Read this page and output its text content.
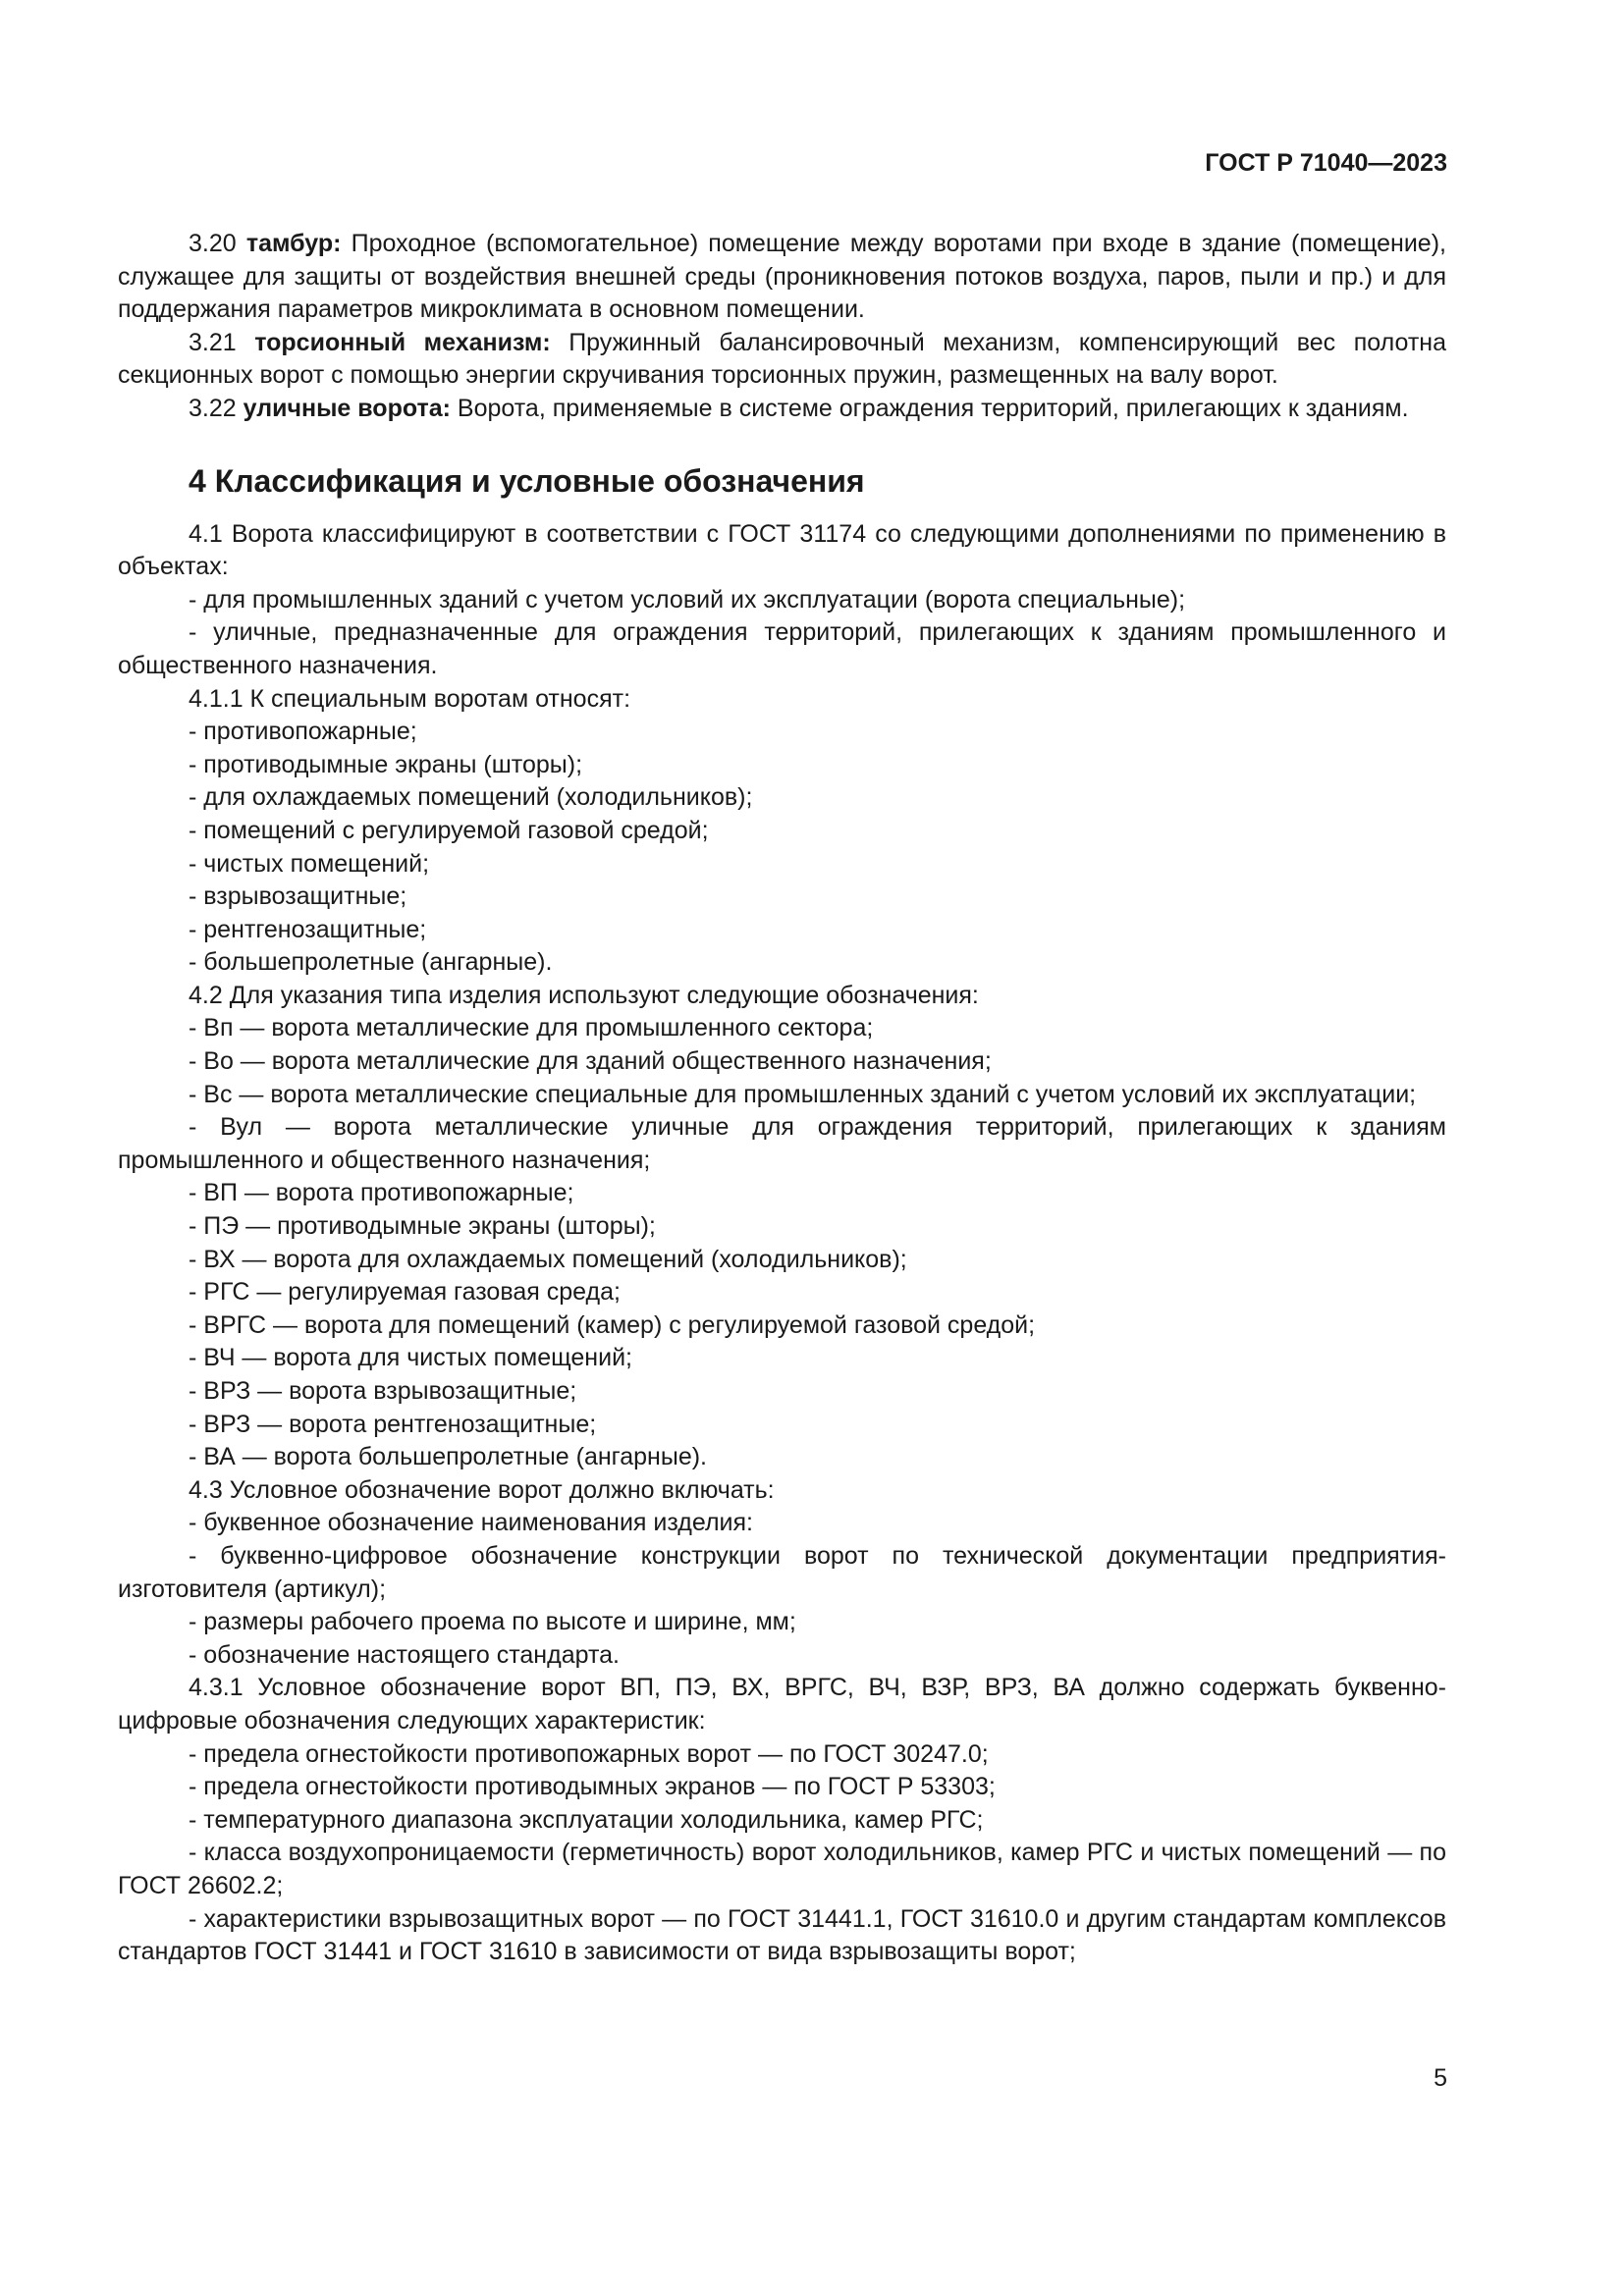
ГОСТ Р 71040—2023

3.20 тамбур: Проходное (вспомогательное) помещение между воротами при входе в здание (помещение), служащее для защиты от воздействия внешней среды (проникновения потоков воздуха, паров, пыли и пр.) и для поддержания параметров микроклимата в основном помещении.

3.21 торсионный механизм: Пружинный балансировочный механизм, компенсирующий вес полотна секционных ворот с помощью энергии скручивания торсионных пружин, размещенных на валу ворот.

3.22 уличные ворота: Ворота, применяемые в системе ограждения территорий, прилегающих к зданиям.

4 Классификация и условные обозначения

4.1 Ворота классифицируют в соответствии с ГОСТ 31174 со следующими дополнениями по применению в объектах:

- для промышленных зданий с учетом условий их эксплуатации (ворота специальные);

- уличные, предназначенные для ограждения территорий, прилегающих к зданиям промышленного и общественного назначения.

4.1.1 К специальным воротам относят:

- противопожарные;

- противодымные экраны (шторы);

- для охлаждаемых помещений (холодильников);

- помещений с регулируемой газовой средой;

- чистых помещений;

- взрывозащитные;

- рентгенозащитные;

- большепролетные (ангарные).

4.2 Для указания типа изделия используют следующие обозначения:

- Вп — ворота металлические для промышленного сектора;

- Во — ворота металлические для зданий общественного назначения;

- Вс — ворота металлические специальные для промышленных зданий с учетом условий их эксплуатации;

- Вул — ворота металлические уличные для ограждения территорий, прилегающих к зданиям промышленного и общественного назначения;

- ВП — ворота противопожарные;

- ПЭ — противодымные экраны (шторы);

- ВХ — ворота для охлаждаемых помещений (холодильников);

- РГС — регулируемая газовая среда;

- ВРГС — ворота для помещений (камер) с регулируемой газовой средой;

- ВЧ — ворота для чистых помещений;

- ВРЗ — ворота взрывозащитные;

- ВРЗ — ворота рентгенозащитные;

- ВА — ворота большепролетные (ангарные).

4.3 Условное обозначение ворот должно включать:

- буквенное обозначение наименования изделия:

- буквенно-цифровое обозначение конструкции ворот по технической документации предприятия-изготовителя (артикул);

- размеры рабочего проема по высоте и ширине, мм;

- обозначение настоящего стандарта.

4.3.1 Условное обозначение ворот ВП, ПЭ, ВХ, ВРГС, ВЧ, ВЗР, ВРЗ, ВА должно содержать буквенно-цифровые обозначения следующих характеристик:

- предела огнестойкости противопожарных ворот — по ГОСТ 30247.0;

- предела огнестойкости противодымных экранов — по ГОСТ Р 53303;

- температурного диапазона эксплуатации холодильника, камер РГС;

- класса воздухопроницаемости (герметичность) ворот холодильников, камер РГС и чистых помещений — по ГОСТ 26602.2;

- характеристики взрывозащитных ворот — по ГОСТ 31441.1, ГОСТ 31610.0 и другим стандартам комплексов стандартов ГОСТ 31441 и ГОСТ 31610 в зависимости от вида взрывозащиты ворот;

5
